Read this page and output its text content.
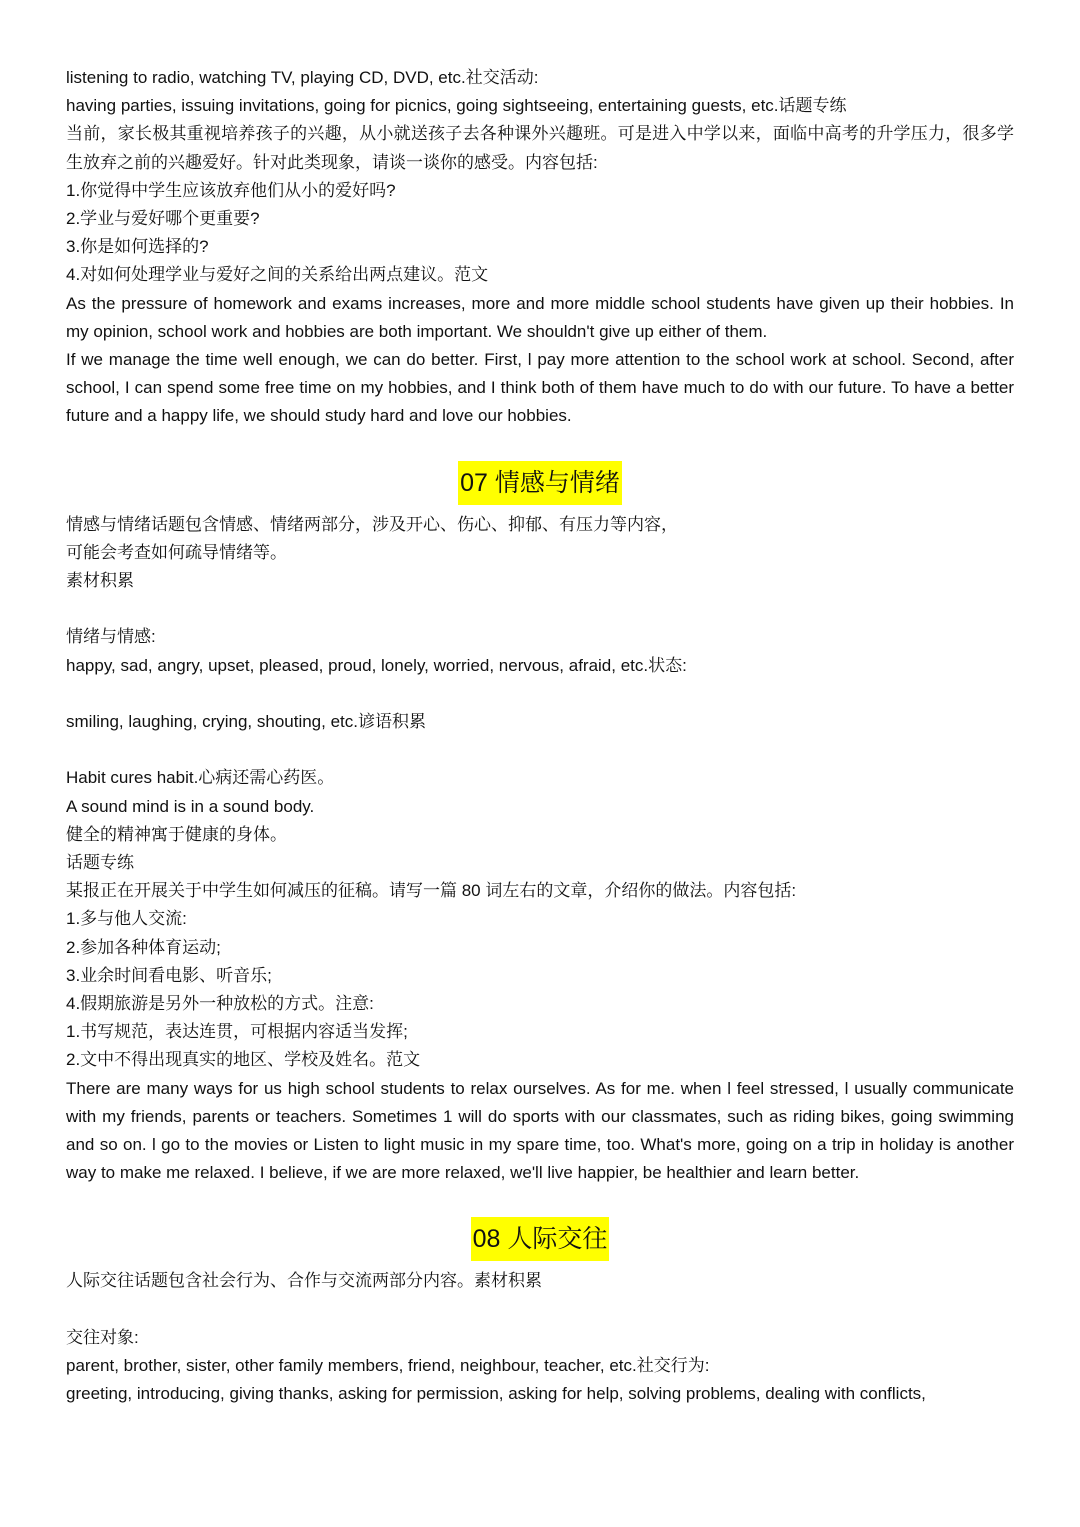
listening to radio, watching TV, playing CD, DVD, etc.社交活动:

having parties, issuing invitations, going for picnics, going sightseeing, entertaining guests, etc.话题专练

当前，家长极其重视培养孩子的兴趣，从小就送孩子去各种课外兴趣班。可是进入中学以来，面临中高考的升学压力，很多学生放弃之前的兴趣爱好。针对此类现象，请谈一谈你的感受。内容包括:

1.你觉得中学生应该放弃他们从小的爱好吗?

2.学业与爱好哪个更重要?

3.你是如何选择的?

4.对如何处理学业与爱好之间的关系给出两点建议。范文

As the pressure of homework and exams increases, more and more middle school students have given up their hobbies. In my opinion, school work and hobbies are both important. We shouldn't give up either of them.

If we manage the time well enough, we can do better. First, l pay more attention to the school work at school. Second, after school, I can spend some free time on my hobbies, and I think both of them have much to do with our future. To have a better future and a happy life, we should study hard and love our hobbies.

07 情感与情绪

情感与情绪话题包含情感、情绪两部分，涉及开心、伤心、抑郁、有压力等内容，

可能会考查如何疏导情绪等。

素材积累

情绪与情感:

happy, sad, angry, upset, pleased, proud, lonely, worried, nervous, afraid, etc.状态:

smiling, laughing, crying, shouting, etc.谚语积累

Habit cures habit.心病还需心药医。

A sound mind is in a sound body.

健全的精神寓于健康的身体。

话题专练

某报正在开展关于中学生如何减压的征稿。请写一篇 80 词左右的文章，介绍你的做法。内容包括:

1.多与他人交流:

2.参加各种体育运动;

3.业余时间看电影、听音乐;

4.假期旅游是另外一种放松的方式。注意:

1.书写规范，表达连贯，可根据内容适当发挥;

2.文中不得出现真实的地区、学校及姓名。范文

There are many ways for us high school students to relax ourselves. As for me. when l feel stressed, l usually communicate with my friends, parents or teachers. Sometimes 1 will do sports with our classmates, such as riding bikes, going swimming and so on. l go to the movies or Listen to light music in my spare time, too. What's more, going on a trip in holiday is another way to make me relaxed. I believe, if we are more relaxed, we'll live happier, be healthier and learn better.

08 人际交往

人际交往话题包含社会行为、合作与交流两部分内容。素材积累

交往对象:

parent, brother, sister, other family members, friend, neighbour, teacher, etc.社交行为:

greeting, introducing, giving thanks, asking for permission, asking for help, solving problems, dealing with conflicts,
